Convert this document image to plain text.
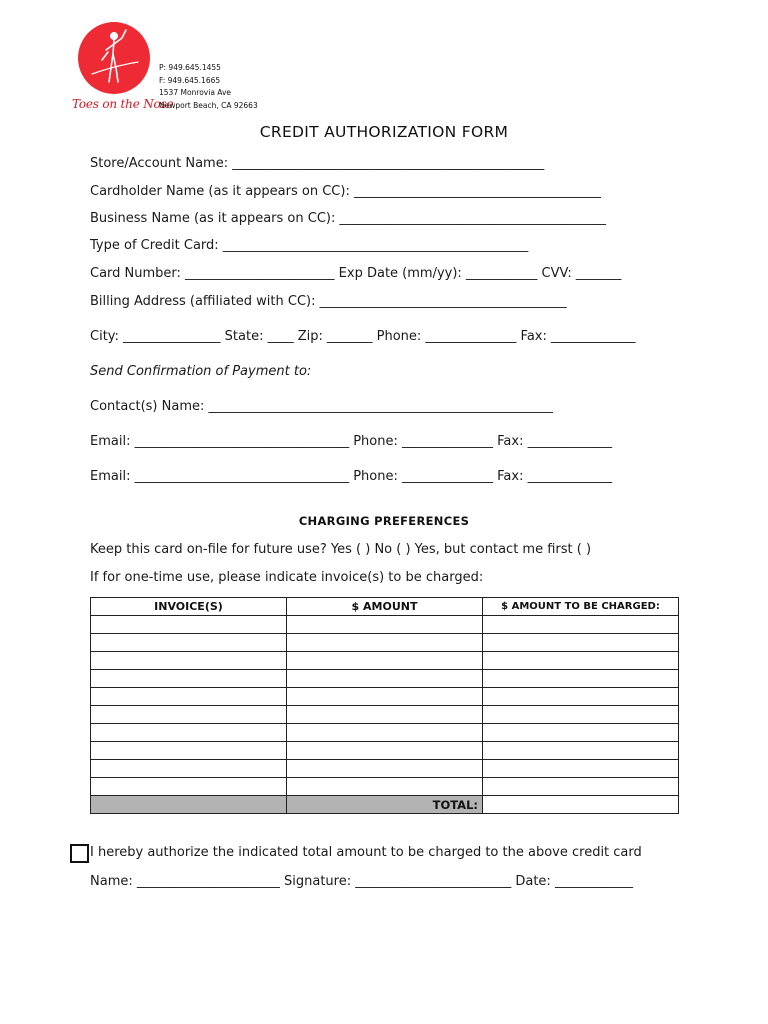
Toes on the Nose
P: 949.645.1455
F: 949.645.1665
1537 Monrovia Ave
Newport Beach, CA 92663
CREDIT AUTHORIZATION FORM
Store/Account Name: ________________________________________________
Cardholder Name (as it appears on CC): ______________________________________
Business Name (as it appears on CC): _________________________________________
Type of Credit Card: _______________________________________________
Card Number: _______________________ Exp Date (mm/yy): ___________ CVV: _______
Billing Address (affiliated with CC): ______________________________________
City: _______________ State: ____ Zip: _______ Phone: ______________ Fax: _____________
Send Confirmation of Payment to:
Contact(s) Name: _____________________________________________________
Email: _________________________________ Phone: ______________ Fax: _____________
Email: _________________________________ Phone: ______________ Fax: _____________
CHARGING PREFERENCES
Keep this card on-file for future use? Yes ( ) No ( ) Yes, but contact me first ( )
If for one-time use, please indicate invoice(s) to be charged:
INVOICE(S)	$ AMOUNT	$ AMOUNT TO BE CHARGED:

	TOTAL:	
I hereby authorize the indicated total amount to be charged to the above credit card
Name: ______________________ Signature: ________________________ Date: ____________
